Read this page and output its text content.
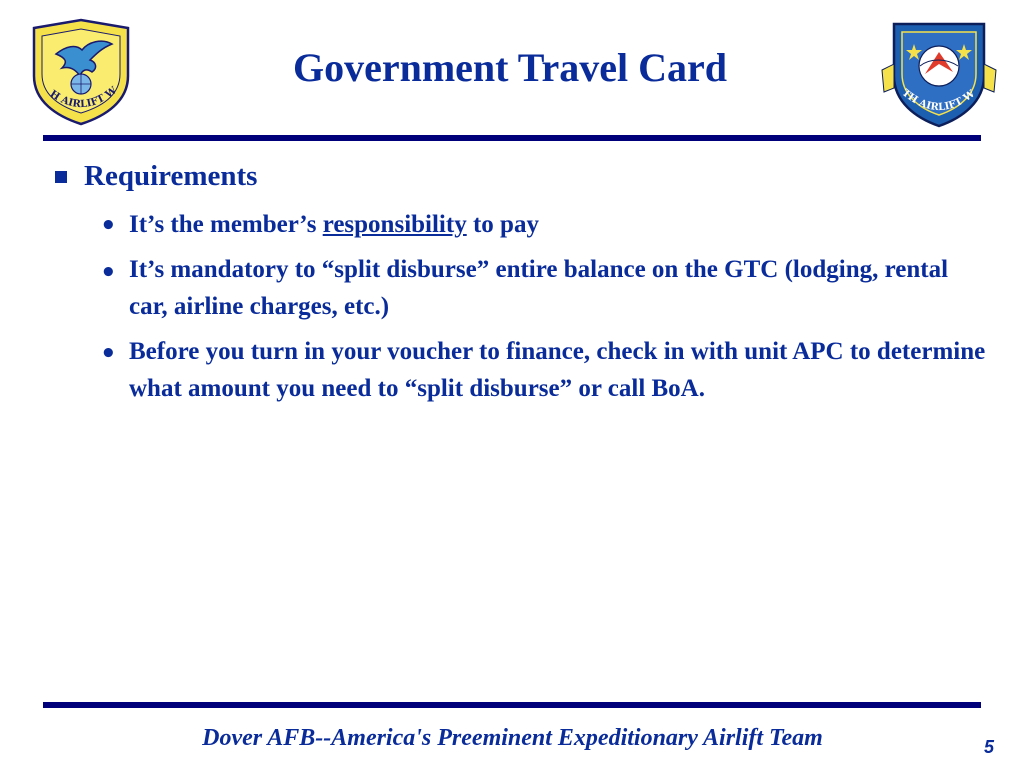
H AIRLIFT W
Government Travel Card
TH AIRLIFT W
Requirements
• It’s the member’s responsibility to pay
• It’s mandatory to “split disburse” entire balance on the GTC (lodging, rental car, airline charges, etc.)
• Before you turn in your voucher to finance, check in with unit APC to determine what amount you need to “split disburse” or call BoA.
Dover AFB--America's Preeminent Expeditionary Airlift Team	5
